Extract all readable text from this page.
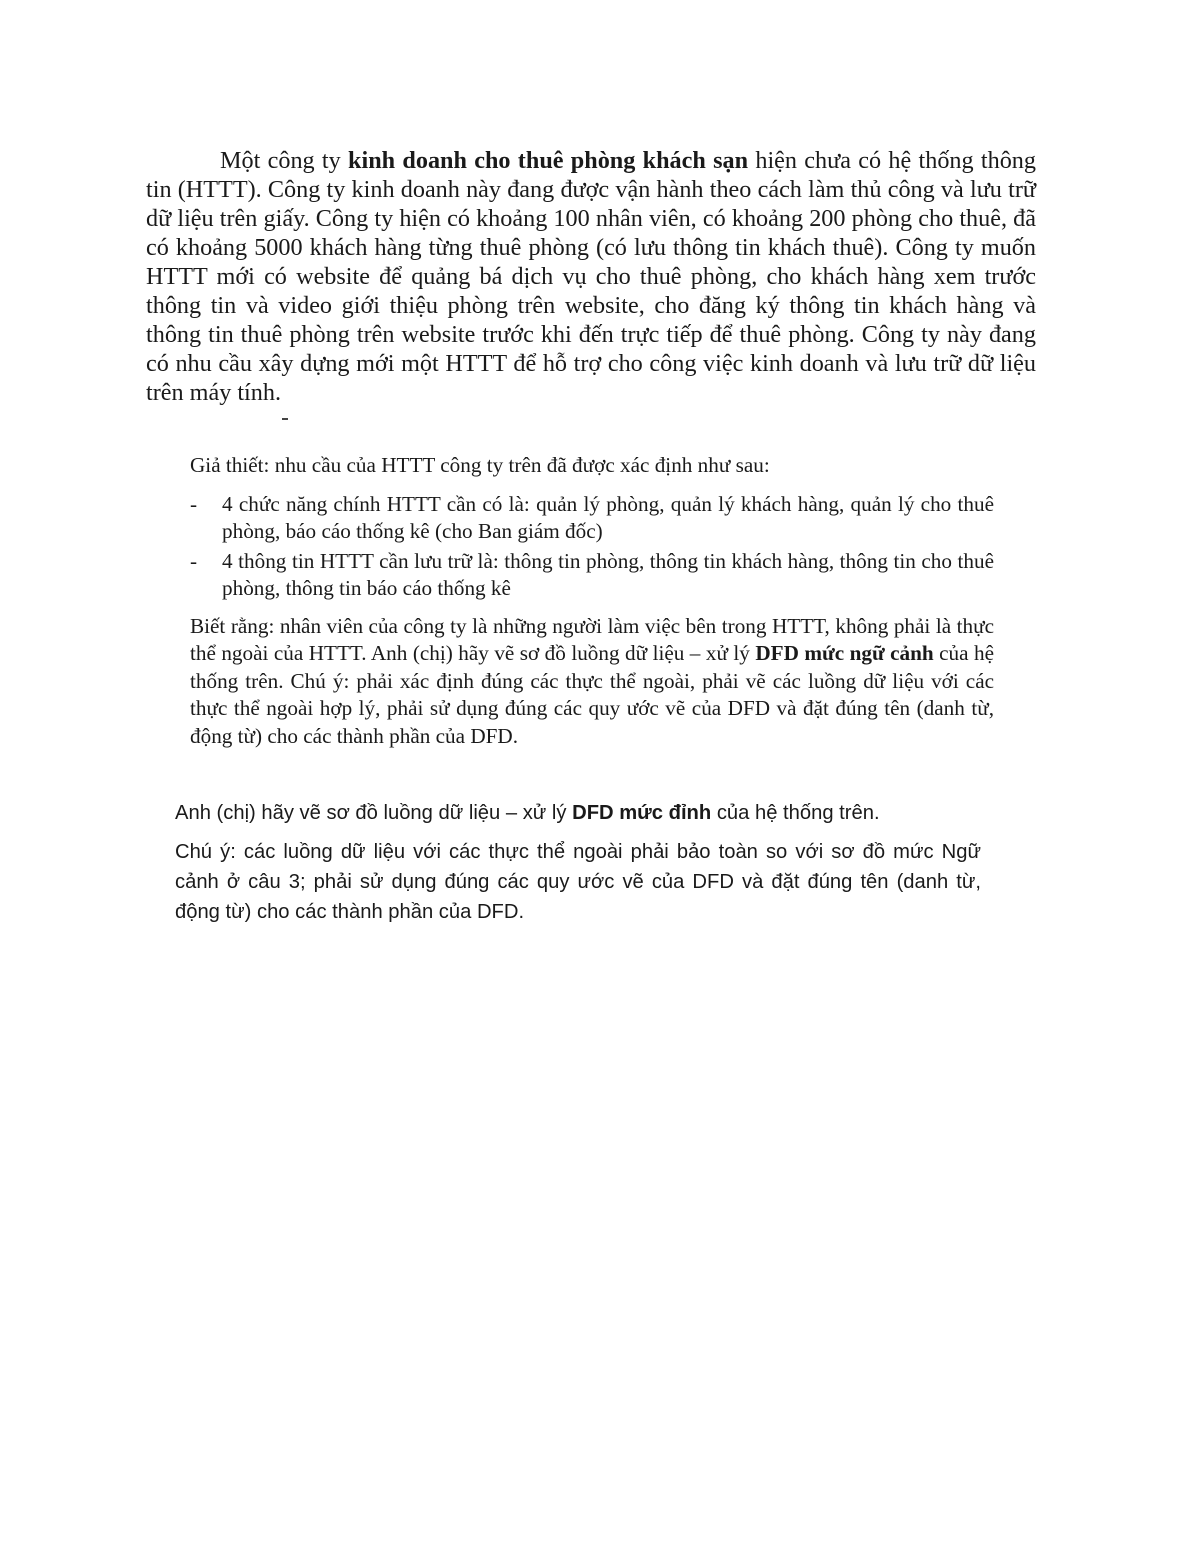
Một công ty kinh doanh cho thuê phòng khách sạn hiện chưa có hệ thống thông tin (HTTT). Công ty kinh doanh này đang được vận hành theo cách làm thủ công và lưu trữ dữ liệu trên giấy. Công ty hiện có khoảng 100 nhân viên, có khoảng 200 phòng cho thuê, đã có khoảng 5000 khách hàng từng thuê phòng (có lưu thông tin khách thuê). Công ty muốn HTTT mới có website để quảng bá dịch vụ cho thuê phòng, cho khách hàng xem trước thông tin và video giới thiệu phòng trên website, cho đăng ký thông tin khách hàng và thông tin thuê phòng trên website trước khi đến trực tiếp để thuê phòng. Công ty này đang có nhu cầu xây dựng mới một HTTT để hỗ trợ cho công việc kinh doanh và lưu trữ dữ liệu trên máy tính.

Giả thiết: nhu cầu của HTTT công ty trên đã được xác định như sau:

- 4 chức năng chính HTTT cần có là: quản lý phòng, quản lý khách hàng, quản lý cho thuê phòng, báo cáo thống kê (cho Ban giám đốc)
- 4 thông tin HTTT cần lưu trữ là: thông tin phòng, thông tin khách hàng, thông tin cho thuê phòng, thông tin báo cáo thống kê

Biết rằng: nhân viên của công ty là những người làm việc bên trong HTTT, không phải là thực thể ngoài của HTTT. Anh (chị) hãy vẽ sơ đồ luồng dữ liệu – xử lý DFD mức ngữ cảnh của hệ thống trên. Chú ý: phải xác định đúng các thực thể ngoài, phải vẽ các luồng dữ liệu với các thực thể ngoài hợp lý, phải sử dụng đúng các quy ước vẽ của DFD và đặt đúng tên (danh từ, động từ) cho các thành phần của DFD.

Anh (chị) hãy vẽ sơ đồ luồng dữ liệu – xử lý DFD mức đỉnh của hệ thống trên.

Chú ý: các luồng dữ liệu với các thực thể ngoài phải bảo toàn so với sơ đồ mức Ngữ cảnh ở câu 3; phải sử dụng đúng các quy ước vẽ của DFD và đặt đúng tên (danh từ, động từ) cho các thành phần của DFD.
